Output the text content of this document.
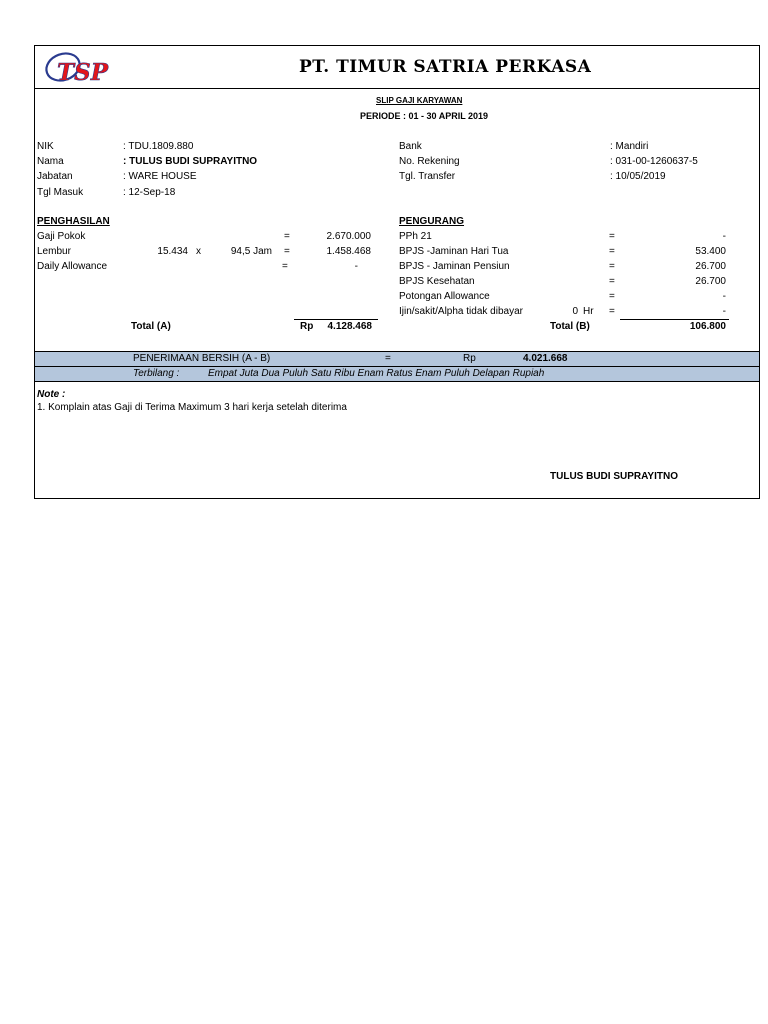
TSP	PT. TIMUR SATRIA PERKASA
SLIP GAJI KARYAWAN
PERIODE : 01 - 30 APRIL 2019
NIK	: TDU.1809.880
Nama	: TULUS BUDI SUPRAYITNO
Jabatan	: WARE HOUSE
Tgl Masuk	: 12-Sep-18
Bank	: Mandiri
No. Rekening	: 031-00-1260637-5
Tgl. Transfer	: 10/05/2019
PENGHASILAN
Gaji Pokok	=	2.670.000
Lembur	15.434 x	94,5 Jam =	1.458.468
Daily Allowance	=	-
Total (A)	Rp	4.128.468
PENGURANG
PPh 21	=	-
BPJS -Jaminan Hari Tua	=	53.400
BPJS - Jaminan Pensiun	=	26.700
BPJS Kesehatan	=	26.700
Potongan Allowance	=	-
Ijin/sakit/Alpha tidak dibayar	0 Hr =	-
Total (B)	106.800
PENERIMAAN BERSIH (A - B)	=	Rp	4.021.668
Terbilang :	Empat Juta Dua Puluh Satu Ribu Enam Ratus Enam Puluh Delapan Rupiah
Note :
1. Komplain atas Gaji di Terima Maximum 3 hari kerja setelah diterima
TULUS BUDI SUPRAYITNO
